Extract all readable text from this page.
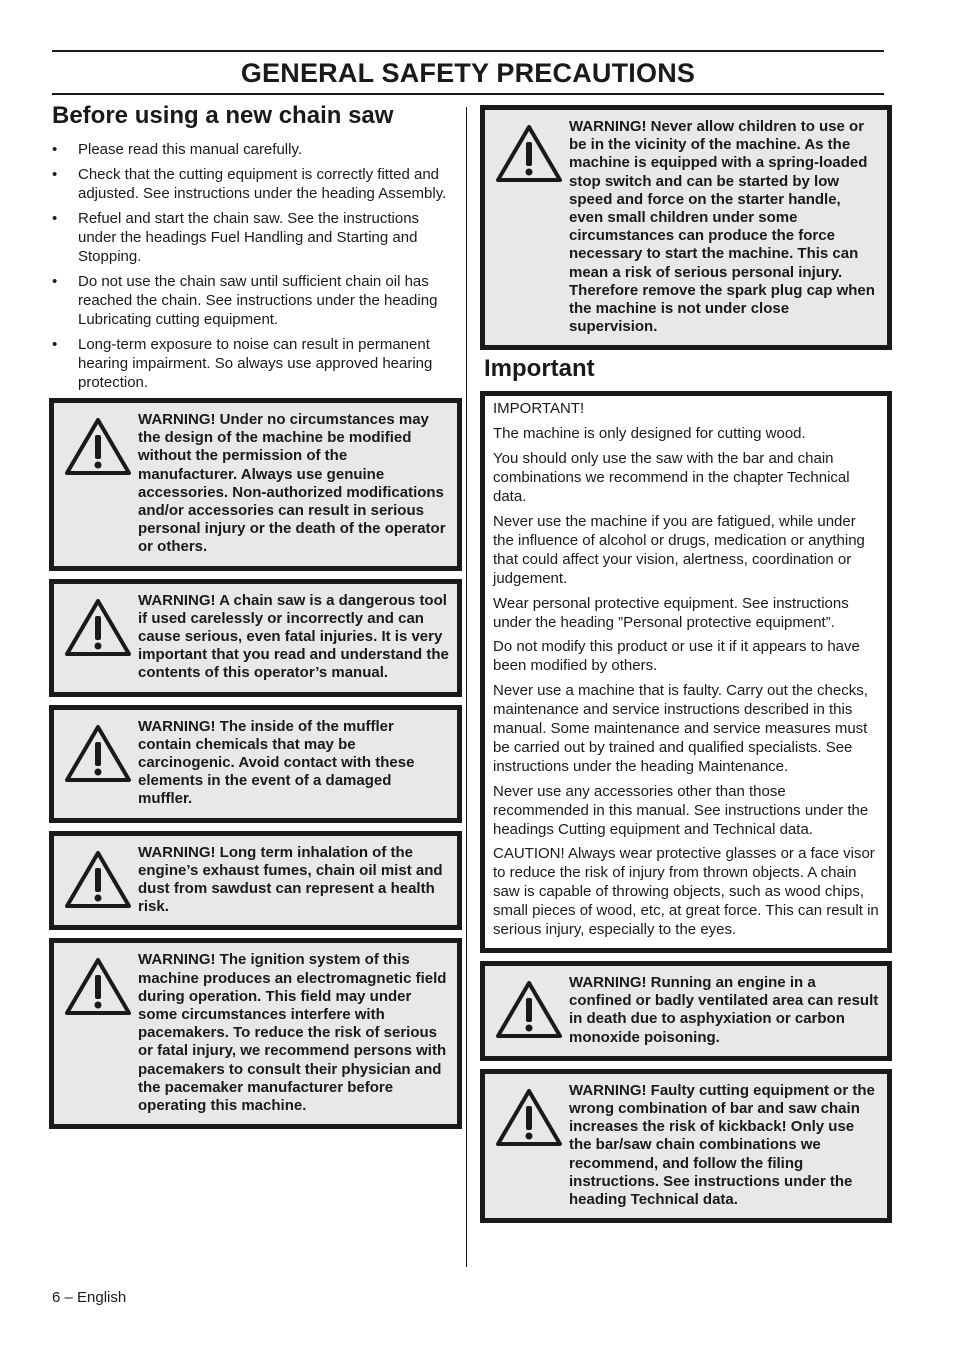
GENERAL SAFETY PRECAUTIONS
Before using a new chain saw
• Please read this manual carefully.
• Check that the cutting equipment is correctly fitted and adjusted. See instructions under the heading Assembly.
• Refuel and start the chain saw. See the instructions under the headings Fuel Handling and Starting and Stopping.
• Do not use the chain saw until sufficient chain oil has reached the chain. See instructions under the heading Lubricating cutting equipment.
• Long-term exposure to noise can result in permanent hearing impairment. So always use approved hearing protection.

WARNING! Under no circumstances may the design of the machine be modified without the permission of the manufacturer. Always use genuine accessories. Non-authorized modifications and/or accessories can result in serious personal injury or the death of the operator or others.

WARNING! A chain saw is a dangerous tool if used carelessly or incorrectly and can cause serious, even fatal injuries. It is very important that you read and understand the contents of this operator’s manual.

WARNING! The inside of the muffler contain chemicals that may be carcinogenic. Avoid contact with these elements in the event of a damaged muffler.

WARNING! Long term inhalation of the engine’s exhaust fumes, chain oil mist and dust from sawdust can represent a health risk.

WARNING! The ignition system of this machine produces an electromagnetic field during operation. This field may under some circumstances interfere with pacemakers. To reduce the risk of serious or fatal injury, we recommend persons with pacemakers to consult their physician and the pacemaker manufacturer before operating this machine.

WARNING! Never allow children to use or be in the vicinity of the machine. As the machine is equipped with a spring-loaded stop switch and can be started by low speed and force on the starter handle, even small children under some circumstances can produce the force necessary to start the machine. This can mean a risk of serious personal injury. Therefore remove the spark plug cap when the machine is not under close supervision.

Important

IMPORTANT!

The machine is only designed for cutting wood.

You should only use the saw with the bar and chain combinations we recommend in the chapter Technical data.

Never use the machine if you are fatigued, while under the influence of alcohol or drugs, medication or anything that could affect your vision, alertness, coordination or judgement.

Wear personal protective equipment. See instructions under the heading ”Personal protective equipment”.

Do not modify this product or use it if it appears to have been modified by others.

Never use a machine that is faulty. Carry out the checks, maintenance and service instructions described in this manual. Some maintenance and service measures must be carried out by trained and qualified specialists. See instructions under the heading Maintenance.

Never use any accessories other than those recommended in this manual. See instructions under the headings Cutting equipment and Technical data.

CAUTION! Always wear protective glasses or a face visor to reduce the risk of injury from thrown objects. A chain saw is capable of throwing objects, such as wood chips, small pieces of wood, etc, at great force. This can result in serious injury, especially to the eyes.

WARNING! Running an engine in a confined or badly ventilated area can result in death due to asphyxiation or carbon monoxide poisoning.

WARNING! Faulty cutting equipment or the wrong combination of bar and saw chain increases the risk of kickback! Only use the bar/saw chain combinations we recommend, and follow the filing instructions. See instructions under the heading Technical data.

6 – English
